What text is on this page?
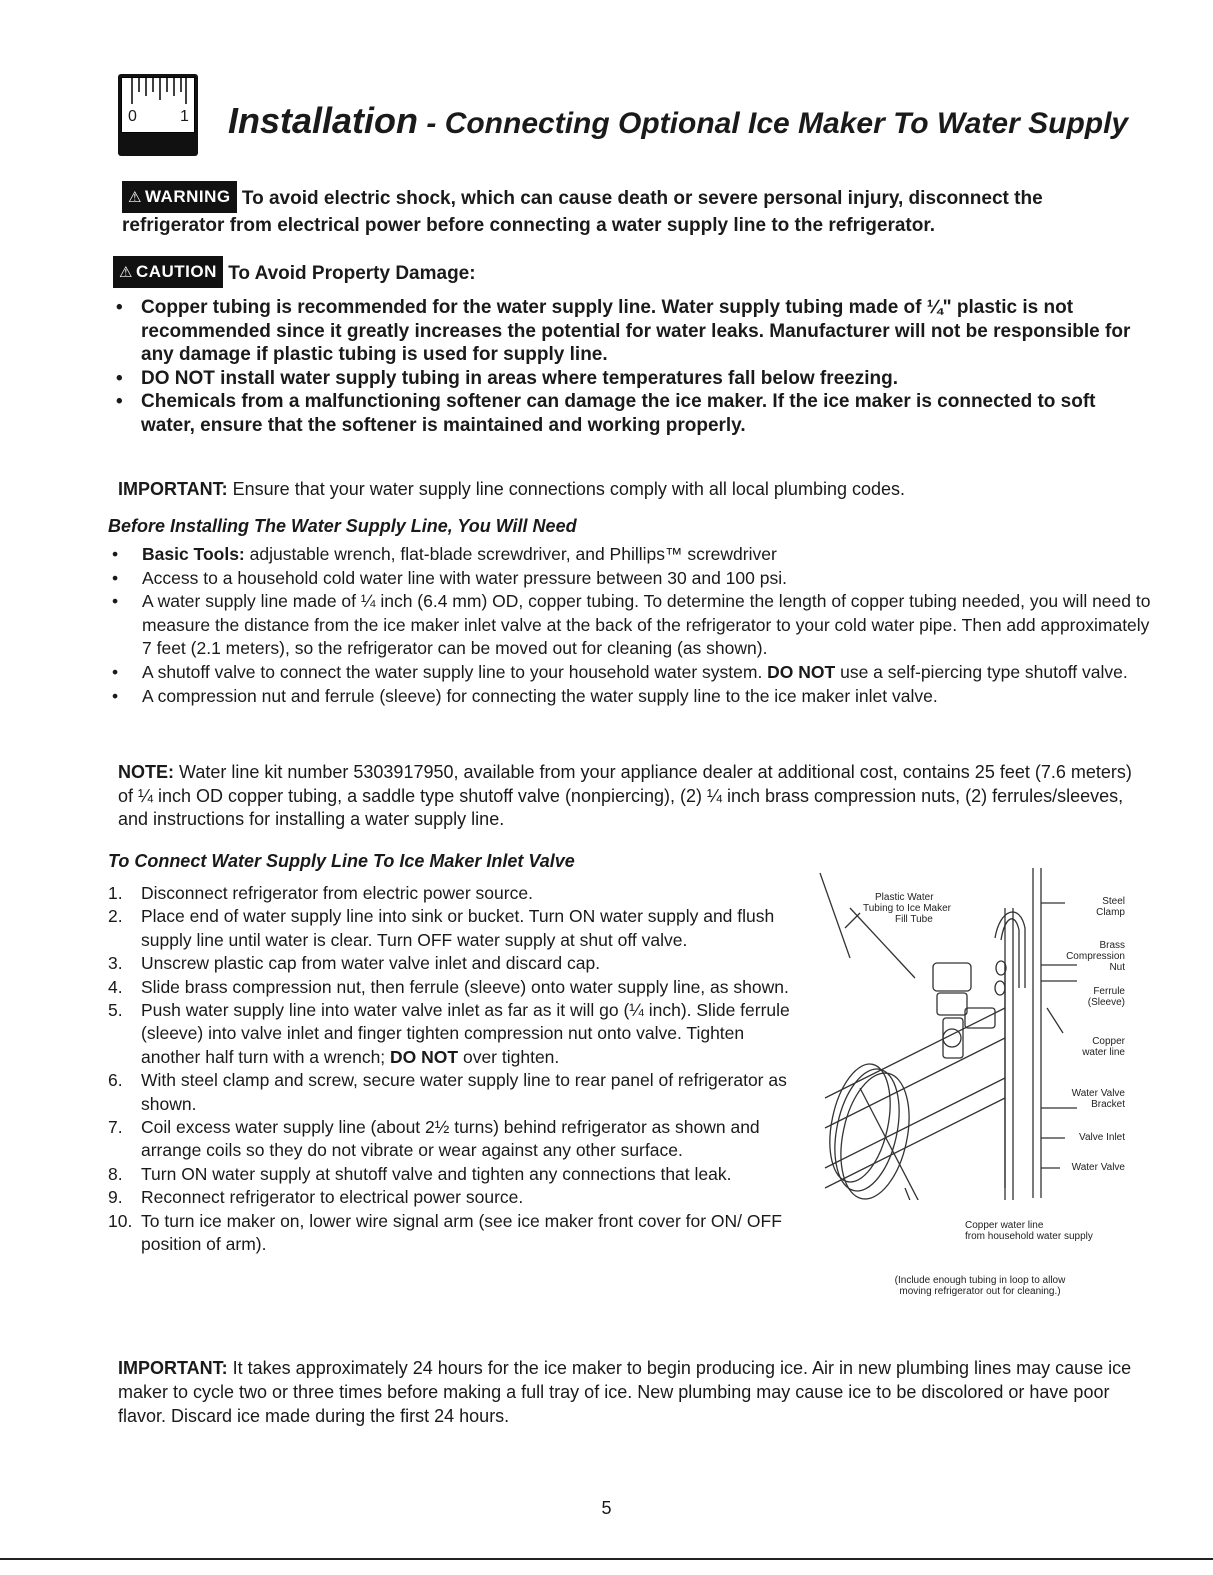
0	1 Installation - Connecting Optional Ice Maker To Water Supply
⚠ WARNING To avoid electric shock, which can cause death or severe personal injury, disconnect the refrigerator from electrical power before connecting a water supply line to the refrigerator.
⚠ CAUTION To Avoid Property Damage:
• Copper tubing is recommended for the water supply line. Water supply tubing made of ¼" plastic is not recommended since it greatly increases the potential for water leaks. Manufacturer will not be responsible for any damage if plastic tubing is used for supply line.
• DO NOT install water supply tubing in areas where temperatures fall below freezing.
• Chemicals from a malfunctioning softener can damage the ice maker. If the ice maker is connected to soft water, ensure that the softener is maintained and working properly.
IMPORTANT: Ensure that your water supply line connections comply with all local plumbing codes.
Before Installing The Water Supply Line, You Will Need
• Basic Tools: adjustable wrench, flat-blade screwdriver, and Phillips™ screwdriver
• Access to a household cold water line with water pressure between 30 and 100 psi.
• A water supply line made of ¼ inch (6.4 mm) OD, copper tubing. To determine the length of copper tubing needed, you will need to measure the distance from the ice maker inlet valve at the back of the refrigerator to your cold water pipe. Then add approximately 7 feet (2.1 meters), so the refrigerator can be moved out for cleaning (as shown).
• A shutoff valve to connect the water supply line to your household water system. DO NOT use a self-piercing type shutoff valve.
• A compression nut and ferrule (sleeve) for connecting the water supply line to the ice maker inlet valve.
NOTE: Water line kit number 5303917950, available from your appliance dealer at additional cost, contains 25 feet (7.6 meters) of ¼ inch OD copper tubing, a saddle type shutoff valve (nonpiercing), (2) ¼ inch brass compression nuts, (2) ferrules/sleeves, and instructions for installing a water supply line.
To Connect Water Supply Line To Ice Maker Inlet Valve
1. Disconnect refrigerator from electric power source.
2. Place end of water supply line into sink or bucket. Turn ON water supply and flush supply line until water is clear. Turn OFF water supply at shut off valve.
3. Unscrew plastic cap from water valve inlet and discard cap.
4. Slide brass compression nut, then ferrule (sleeve) onto water supply line, as shown.
5. Push water supply line into water valve inlet as far as it will go (¼ inch). Slide ferrule (sleeve) into valve inlet and finger tighten compression nut onto valve. Tighten another half turn with a wrench; DO NOT over tighten.
6. With steel clamp and screw, secure water supply line to rear panel of refrigerator as shown.
7. Coil excess water supply line (about 2½ turns) behind refrigerator as shown and arrange coils so they do not vibrate or wear against any other surface.
8. Turn ON water supply at shutoff valve and tighten any connections that leak.
9. Reconnect refrigerator to electrical power source.
10. To turn ice maker on, lower wire signal arm (see ice maker front cover for ON/ OFF position of arm).
Plastic Water
Tubing to Ice Maker
Fill Tube
Steel
Clamp
Brass
Compression
Nut
Ferrule
(Sleeve)
Copper
water line
Water Valve
Bracket
Valve Inlet
Water Valve
Copper water line
from household water supply
(Include enough tubing in loop to allow
moving refrigerator out for cleaning.)
IMPORTANT: It takes approximately 24 hours for the ice maker to begin producing ice. Air in new plumbing lines may cause ice maker to cycle two or three times before making a full tray of ice. New plumbing may cause ice to be discolored or have poor flavor. Discard ice made during the first 24 hours.
5
